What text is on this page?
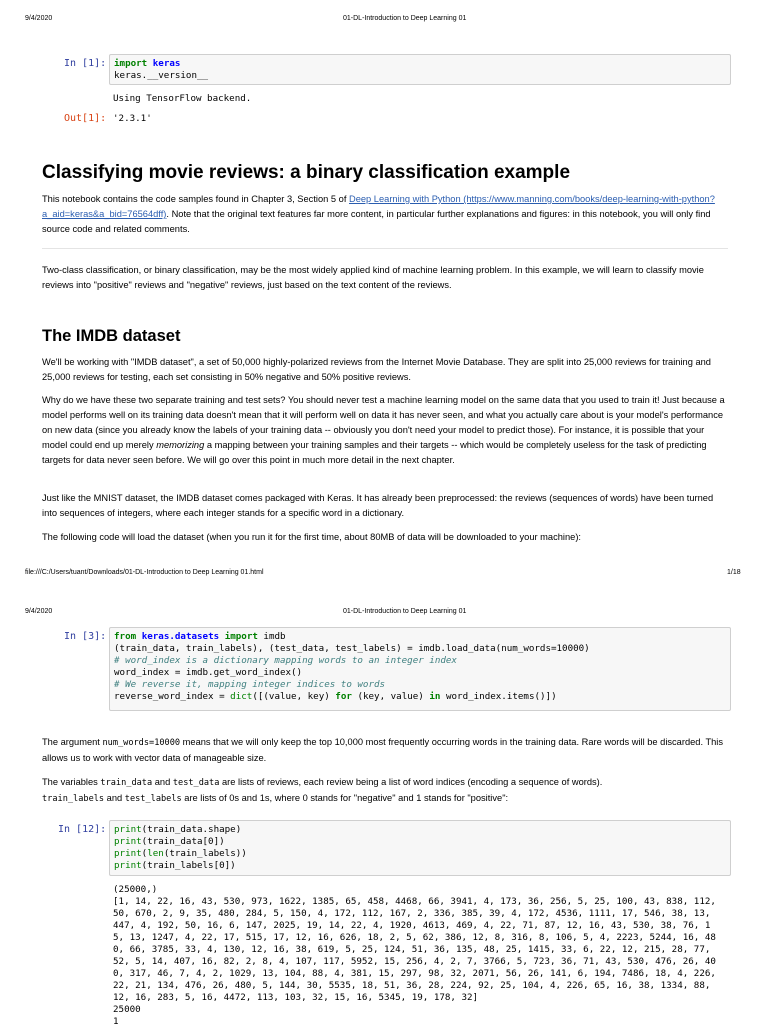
9/4/2020	01-DL-Introduction to Deep Learning 01
In [1]: import keras
keras.__version__
Using TensorFlow backend.
Out[1]: '2.3.1'
Classifying movie reviews: a binary classification example
This notebook contains the code samples found in Chapter 3, Section 5 of Deep Learning with Python (https://www.manning.com/books/deep-learning-with-python?a_aid=keras&a_bid=76564dff). Note that the original text features far more content, in particular further explanations and figures: in this notebook, you will only find source code and related comments.
Two-class classification, or binary classification, may be the most widely applied kind of machine learning problem. In this example, we will learn to classify movie reviews into "positive" reviews and "negative" reviews, just based on the text content of the reviews.
The IMDB dataset
We'll be working with "IMDB dataset", a set of 50,000 highly-polarized reviews from the Internet Movie Database. They are split into 25,000 reviews for training and 25,000 reviews for testing, each set consisting in 50% negative and 50% positive reviews.
Why do we have these two separate training and test sets? You should never test a machine learning model on the same data that you used to train it! Just because a model performs well on its training data doesn't mean that it will perform well on data it has never seen, and what you actually care about is your model's performance on new data (since you already know the labels of your training data -- obviously you don't need your model to predict those). For instance, it is possible that your model could end up merely memorizing a mapping between your training samples and their targets -- which would be completely useless for the task of predicting targets for data never seen before. We will go over this point in much more detail in the next chapter.
Just like the MNIST dataset, the IMDB dataset comes packaged with Keras. It has already been preprocessed: the reviews (sequences of words) have been turned into sequences of integers, where each integer stands for a specific word in a dictionary.
The following code will load the dataset (when you run it for the first time, about 80MB of data will be downloaded to your machine):
file:///C:/Users/tuant/Downloads/01-DL-Introduction to Deep Learning 01.html	1/18
9/4/2020	01-DL-Introduction to Deep Learning 01
In [3]: from keras.datasets import imdb
(train_data, train_labels), (test_data, test_labels) = imdb.load_data(num_words=10000)
# word_index is a dictionary mapping words to an integer index
word_index = imdb.get_word_index()
# We reverse it, mapping integer indices to words
reverse_word_index = dict([(value, key) for (key, value) in word_index.items()])
The argument num_words=10000 means that we will only keep the top 10,000 most frequently occurring words in the training data. Rare words will be discarded. This allows us to work with vector data of manageable size.
The variables train_data and test_data are lists of reviews, each review being a list of word indices (encoding a sequence of words).
train_labels and test_labels are lists of 0s and 1s, where 0 stands for "negative" and 1 stands for "positive":
In [12]: print(train_data.shape)
print(train_data[0])
print(len(train_labels))
print(train_labels[0])
(25000,)
[1, 14, 22, 16, 43, 530, 973, 1622, 1385, 65, 458, 4468, 66, 3941, 4, 173, 36, 256, 5, 25, 100, 43, 838, 112,
50, 670, 2, 9, 35, 480, 284, 5, 150, 4, 172, 112, 167, 2, 336, 385, 39, 4, 172, 4536, 1111, 17, 546, 38, 13,
447, 4, 192, 50, 16, 6, 147, 2025, 19, 14, 22, 4, 1920, 4613, 469, 4, 22, 71, 87, 12, 16, 43, 530, 38, 76, 1
5, 13, 1247, 4, 22, 17, 515, 17, 12, 16, 626, 18, 2, 5, 62, 386, 12, 8, 316, 8, 106, 5, 4, 2223, 5244, 16, 48
0, 66, 3785, 33, 4, 130, 12, 16, 38, 619, 5, 25, 124, 51, 36, 135, 48, 25, 1415, 33, 6, 22, 12, 215, 28, 77,
52, 5, 14, 407, 16, 82, 2, 8, 4, 107, 117, 5952, 15, 256, 4, 2, 7, 3766, 5, 723, 36, 71, 43, 530, 476, 26, 40
0, 317, 46, 7, 4, 2, 1029, 13, 104, 88, 4, 381, 15, 297, 98, 32, 2071, 56, 26, 141, 6, 194, 7486, 18, 4, 226,
22, 21, 134, 476, 26, 480, 5, 144, 30, 5535, 18, 51, 36, 28, 224, 92, 25, 104, 4, 226, 65, 16, 38, 1334, 88,
12, 16, 283, 5, 16, 4472, 113, 103, 32, 15, 16, 5345, 19, 178, 32]
25000
1
